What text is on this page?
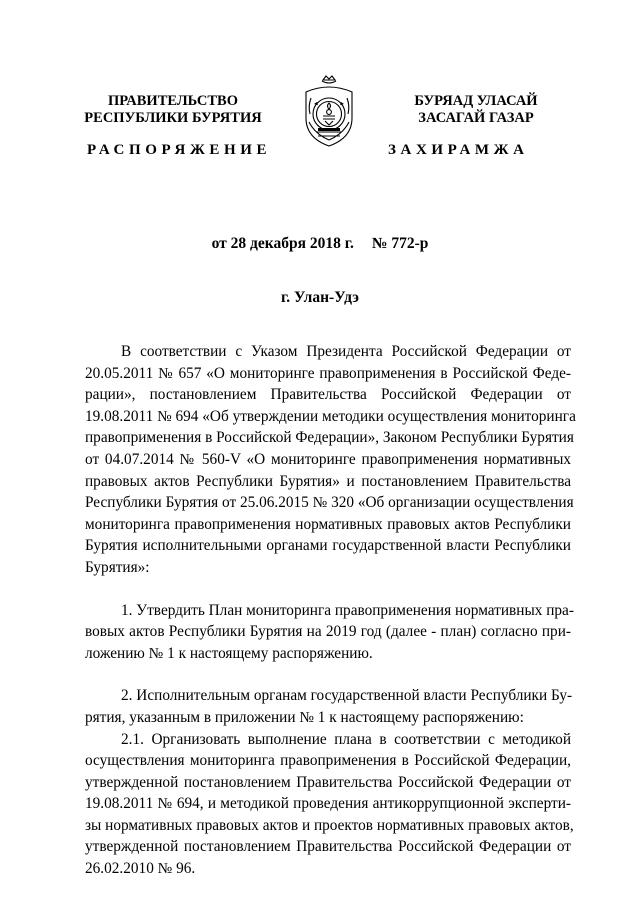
ПРАВИТЕЛЬСТВО
РЕСПУБЛИКИ БУРЯТИЯ
БУРЯАД УЛАСАЙ
ЗАСАГАЙ ГАЗАР
РАСПОРЯЖЕНИЕ	ЗАХИРАМЖА
от 28 декабря 2018 г. № 772-р
г. Улан-Удэ

В соответствии с Указом Президента Российской Федерации от
20.05.2011 № 657 «О мониторинге правоприменения в Российской Феде-
рации», постановлением Правительства Российской Федерации от
19.08.2011 № 694 «Об утверждении методики осуществления мониторинга
правоприменения в Российской Федерации», Законом Республики Бурятия
от 04.07.2014 № 560-V «О мониторинге правоприменения нормативных
правовых актов Республики Бурятия» и постановлением Правительства
Республики Бурятия от 25.06.2015 № 320 «Об организации осуществления
мониторинга правоприменения нормативных правовых актов Республики
Бурятия исполнительными органами государственной власти Республики
Бурятия»:

1. Утвердить План мониторинга правоприменения нормативных пра-
вовых актов Республики Бурятия на 2019 год (далее - план) согласно при-
ложению № 1 к настоящему распоряжению.

2. Исполнительным органам государственной власти Республики Бу-
рятия, указанным в приложении № 1 к настоящему распоряжению:

2.1. Организовать выполнение плана в соответствии с методикой
осуществления мониторинга правоприменения в Российской Федерации,
утвержденной постановлением Правительства Российской Федерации от
19.08.2011 № 694, и методикой проведения антикоррупционной эксперти-
зы нормативных правовых актов и проектов нормативных правовых актов,
утвержденной постановлением Правительства Российской Федерации от
26.02.2010 № 96.
